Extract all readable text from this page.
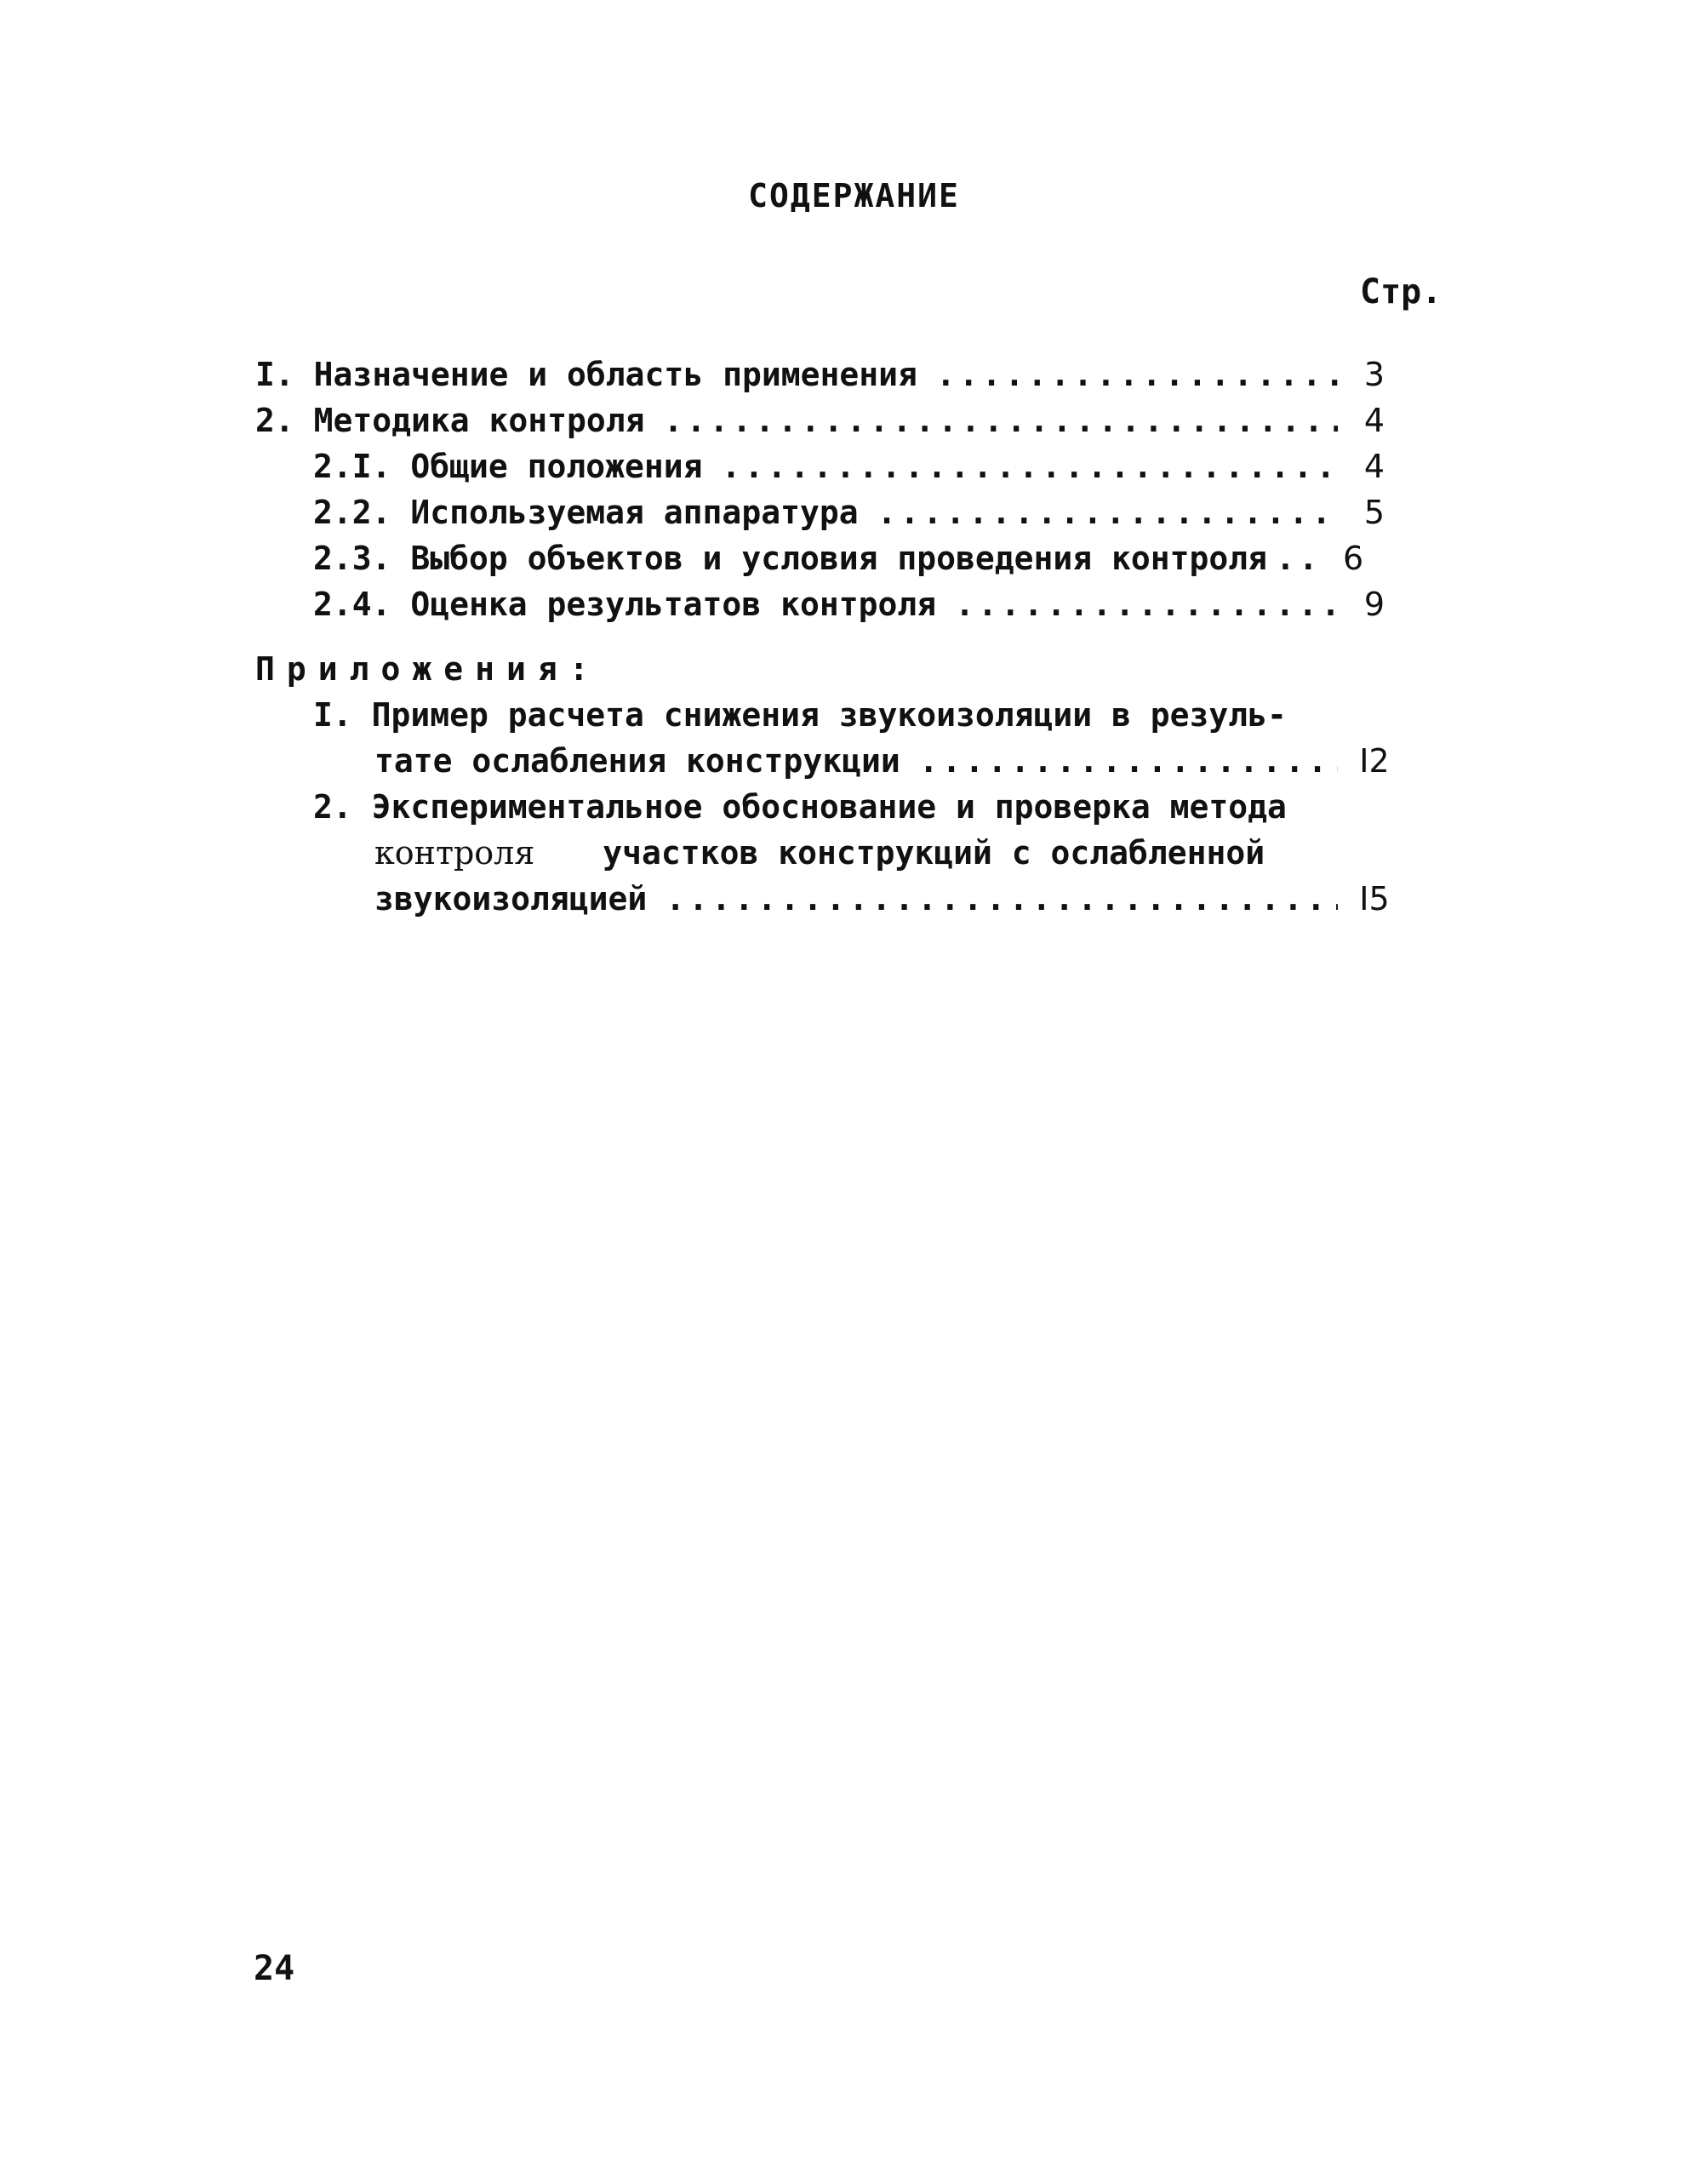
СОДЕРЖАНИЕ
Стр.
I. Назначение и область применения .....	3
2. Методика контроля .....	4
2.I. Общие положения .....	4
2.2. Используемая аппаратура .....	5
2.3. Выбор объектов и условия проведения контроля .....	6
2.4. Оценка результатов контроля .....	9
Приложения:
I. Пример расчета снижения звукоизоляции в резуль-
тате ослабления конструкции .....	I2
2. Экспериментальное обоснование и проверка метода
контроля участков конструкций с ослабленной
звукоизоляцией .....	I5
24
